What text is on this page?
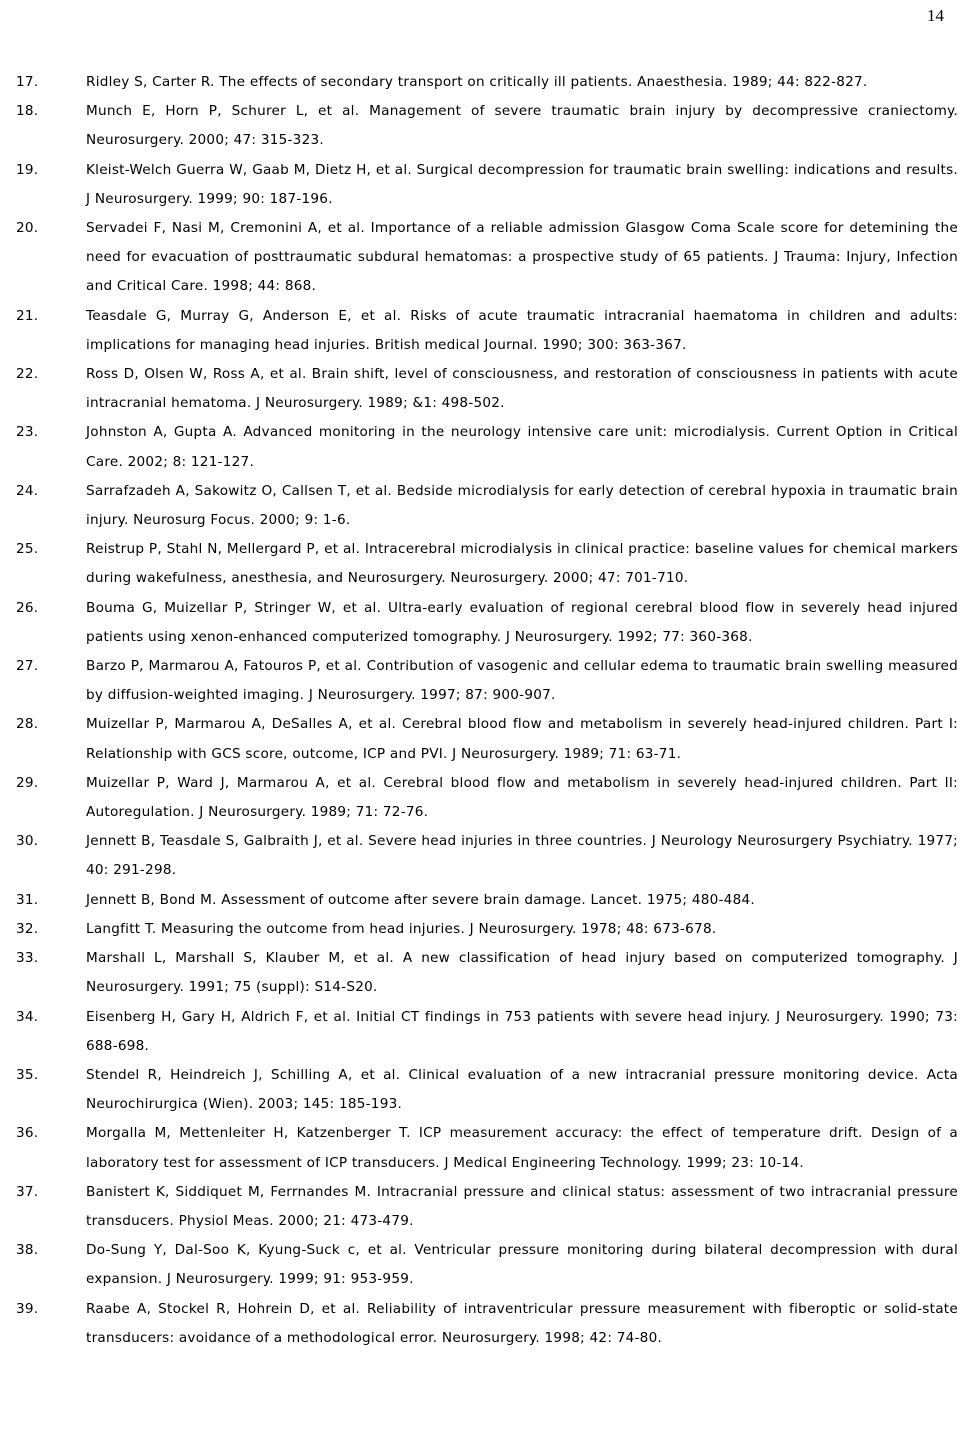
14
17.	Ridley S, Carter R. The effects of secondary transport on critically ill patients. Anaesthesia. 1989; 44: 822-827.
18.	Munch E, Horn P, Schurer L, et al. Management of severe traumatic brain injury by decompressive craniectomy. Neurosurgery. 2000; 47: 315-323.
19.	Kleist-Welch Guerra W, Gaab M, Dietz H, et al. Surgical decompression for traumatic brain swelling: indications and results. J Neurosurgery. 1999; 90: 187-196.
20.	Servadei F, Nasi M, Cremonini A, et al. Importance of a reliable admission Glasgow Coma Scale score for detemining the need for evacuation of posttraumatic subdural hematomas: a prospective study of 65 patients. J Trauma: Injury, Infection and Critical Care. 1998; 44: 868.
21.	Teasdale G, Murray G, Anderson E, et al. Risks of acute traumatic intracranial haematoma in children and adults: implications for managing head injuries. British medical Journal. 1990; 300: 363-367.
22.	Ross D, Olsen W, Ross A, et al. Brain shift, level of consciousness, and restoration of consciousness in patients with acute intracranial hematoma. J Neurosurgery. 1989; &1: 498-502.
23.	Johnston A, Gupta A. Advanced monitoring in the neurology intensive care unit: microdialysis. Current Option in Critical Care. 2002; 8: 121-127.
24.	Sarrafzadeh A, Sakowitz O, Callsen T, et al. Bedside microdialysis for early detection of cerebral hypoxia in traumatic brain injury. Neurosurg Focus. 2000; 9: 1-6.
25.	Reistrup P, Stahl N, Mellergard P, et al. Intracerebral microdialysis in clinical practice: baseline values for chemical markers during wakefulness, anesthesia, and Neurosurgery. Neurosurgery. 2000; 47: 701-710.
26.	Bouma G, Muizellar P, Stringer W, et al. Ultra-early evaluation of regional cerebral blood flow in severely head injured patients using xenon-enhanced computerized tomography. J Neurosurgery. 1992; 77: 360-368.
27.	Barzo P, Marmarou A, Fatouros P, et al. Contribution of vasogenic and cellular edema to traumatic brain swelling measured by diffusion-weighted imaging. J Neurosurgery. 1997; 87: 900-907.
28.	Muizellar P, Marmarou A, DeSalles A, et al. Cerebral blood flow and metabolism in severely head-injured children. Part I: Relationship with GCS score, outcome, ICP and PVI. J Neurosurgery. 1989; 71: 63-71.
29.	Muizellar P, Ward J, Marmarou A, et al. Cerebral blood flow and metabolism in severely head-injured children. Part II: Autoregulation. J Neurosurgery. 1989; 71: 72-76.
30.	Jennett B, Teasdale S, Galbraith J, et al. Severe head injuries in three countries. J Neurology Neurosurgery Psychiatry. 1977; 40: 291-298.
31.	Jennett B, Bond M. Assessment of outcome after severe brain damage. Lancet. 1975; 480-484.
32.	Langfitt T. Measuring the outcome from head injuries. J Neurosurgery. 1978; 48: 673-678.
33.	Marshall L, Marshall S, Klauber M, et al. A new classification of head injury based on computerized tomography. J Neurosurgery. 1991; 75 (suppl): S14-S20.
34.	Eisenberg H, Gary H, Aldrich F, et al. Initial CT findings in 753 patients with severe head injury. J Neurosurgery. 1990; 73: 688-698.
35.	Stendel R, Heindreich J, Schilling A, et al. Clinical evaluation of a new intracranial pressure monitoring device. Acta Neurochirurgica (Wien). 2003; 145: 185-193.
36.	Morgalla M, Mettenleiter H, Katzenberger T. ICP measurement accuracy: the effect of temperature drift. Design of a laboratory test for assessment of ICP transducers. J Medical Engineering Technology. 1999; 23: 10-14.
37.	Banistert K, Siddiquet M, Ferrnandes M. Intracranial pressure and clinical status: assessment of two intracranial pressure transducers. Physiol Meas. 2000; 21: 473-479.
38.	Do-Sung Y, Dal-Soo K, Kyung-Suck c, et al. Ventricular pressure monitoring during bilateral decompression with dural expansion. J Neurosurgery. 1999; 91: 953-959.
39.	Raabe A, Stockel R, Hohrein D, et al. Reliability of intraventricular pressure measurement with fiberoptic or solid-state transducers: avoidance of a methodological error. Neurosurgery. 1998; 42: 74-80.
